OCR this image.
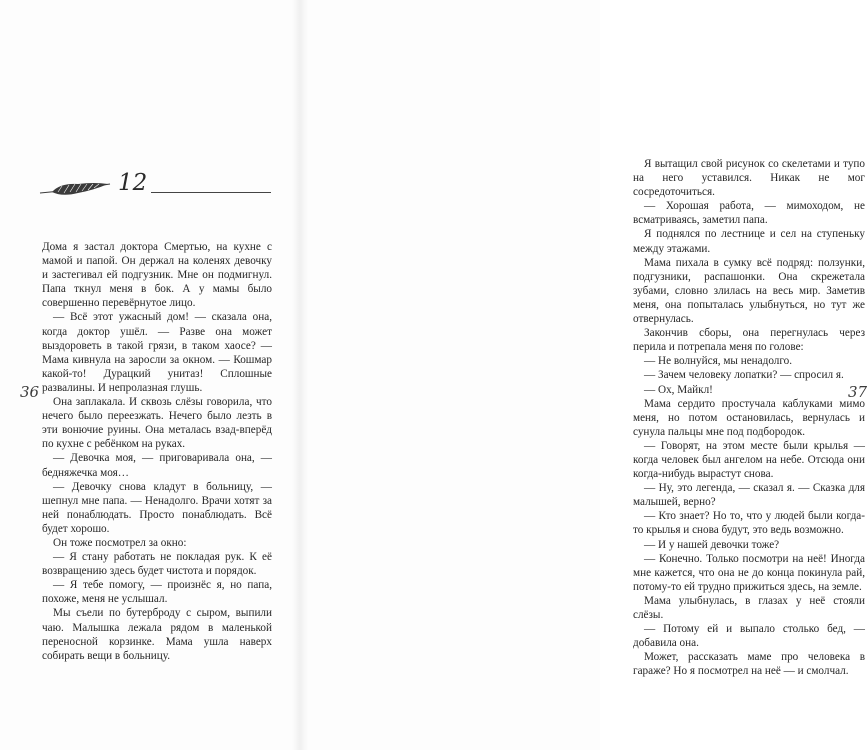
12

Дома я застал доктора Смертью, на кухне с мамой и папой. Он держал на коленях девочку и застегивал ей подгузник. Мне он подмигнул. Папа ткнул меня в бок. А у мамы было совершенно перевёрнутое лицо.

— Всё этот ужасный дом! — сказала она, когда доктор ушёл. — Разве она может выздороветь в такой грязи, в таком хаосе? — Мама кивнула на заросли за окном. — Кошмар какой-то! Дурацкий унитаз! Сплошные развалины. И непролазная глушь.

Она заплакала. И сквозь слёзы говорила, что нечего было переезжать. Нечего было лезть в эти вонючие руины. Она металась взад-вперёд по кухне с ребёнком на руках.

— Девочка моя, — приговаривала она, — бедняжечка моя…

— Девочку снова кладут в больницу, — шепнул мне папа. — Ненадолго. Врачи хотят за ней понаблюдать. Просто понаблюдать. Всё будет хорошо.

Он тоже посмотрел за окно:

— Я стану работать не покладая рук. К её возвращению здесь будет чистота и порядок.

— Я тебе помогу, — произнёс я, но папа, похоже, меня не услышал.

Мы съели по бутерброду с сыром, выпили чаю. Малышка лежала рядом в маленькой переносной корзинке. Мама ушла наверх собирать вещи в больницу.

36

Я вытащил свой рисунок со скелетами и тупо на него уставился. Никак не мог сосредоточиться.

— Хорошая работа, — мимоходом, не всматриваясь, заметил папа.

Я поднялся по лестнице и сел на ступеньку между этажами.

Мама пихала в сумку всё подряд: ползунки, подгузники, распашонки. Она скрежетала зубами, словно злилась на весь мир. Заметив меня, она попыталась улыбнуться, но тут же отвернулась.

Закончив сборы, она перегнулась через перила и потрепала меня по голове:

— Не волнуйся, мы ненадолго.

— Зачем человеку лопатки? — спросил я.

— Ох, Майкл!

Мама сердито простучала каблуками мимо меня, но потом остановилась, вернулась и сунула пальцы мне под подбородок.

— Говорят, на этом месте были крылья — когда человек был ангелом на небе. Отсюда они когда-нибудь вырастут снова.

— Ну, это легенда, — сказал я. — Сказка для малышей, верно?

— Кто знает? Но то, что у людей были когда-то крылья и снова будут, это ведь возможно.

— И у нашей девочки тоже?

— Конечно. Только посмотри на неё! Иногда мне кажется, что она не до конца покинула рай, потому-то ей трудно прижиться здесь, на земле.

Мама улыбнулась, в глазах у неё стояли слёзы.

— Потому ей и выпало столько бед, — добавила она.

Может, рассказать маме про человека в гараже? Но я посмотрел на неё — и смолчал.

37
